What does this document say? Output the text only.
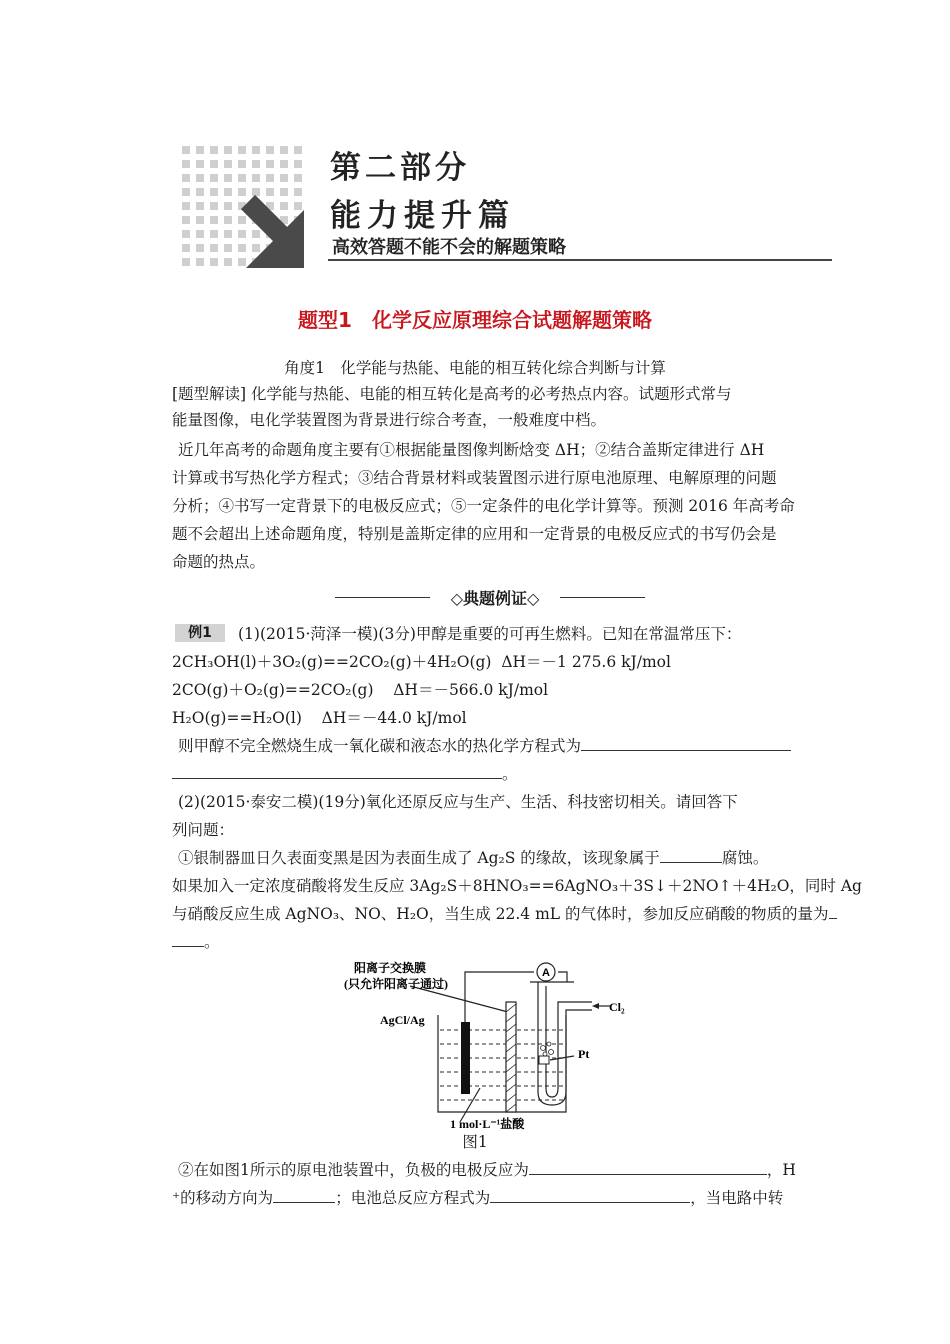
第二部分
能力提升篇
高效答题不能不会的解题策略
题型1　化学反应原理综合试题解题策略
角度1　化学能与热能、电能的相互转化综合判断与计算
[题型解读] 化学能与热能、电能的相互转化是高考的必考热点内容。试题形式常与
能量图像，电化学装置图为背景进行综合考查，一般难度中档。
近几年高考的命题角度主要有①根据能量图像判断焓变 ΔH；②结合盖斯定律进行 ΔH
计算或书写热化学方程式；③结合背景材料或装置图示进行原电池原理、电解原理的问题
分析；④书写一定背景下的电极反应式；⑤一定条件的电化学计算等。预测 2016 年高考命
题不会超出上述命题角度，特别是盖斯定律的应用和一定背景的电极反应式的书写仍会是
命题的热点。
◇典题例证◇
例1	(1)(2015·菏泽一模)(3分)甲醇是重要的可再生燃料。已知在常温常压下：
2CH₃OH(l)＋3O₂(g)==2CO₂(g)＋4H₂O(g) ΔH＝－1 275.6 kJ/mol
2CO(g)＋O₂(g)==2CO₂(g) ΔH＝－566.0 kJ/mol
H₂O(g)==H₂O(l) ΔH＝－44.0 kJ/mol
则甲醇不完全燃烧生成一氧化碳和液态水的热化学方程式为
。
(2)(2015·泰安二模)(19分)氧化还原反应与生产、生活、科技密切相关。请回答下
列问题：
①银制器皿日久表面变黑是因为表面生成了 Ag₂S 的缘故，该现象属于	腐蚀。
如果加入一定浓度硝酸将发生反应 3Ag₂S＋8HNO₃==6AgNO₃＋3S↓＋2NO↑＋4H₂O，同时 Ag
与硝酸反应生成 AgNO₃、NO、H₂O，当生成 22.4 mL 的气体时，参加反应硝酸的物质的量为
。
A
Cl₂
阳离子交换膜
(只允许阳离子通过)
AgCl/Ag
Pt
1 mol·L⁻¹盐酸
图1
②在如图1所示的原电池装置中，负极的电极反应为	，H
⁺的移动方向为	；电池总反应方程式为	，当电路中转
